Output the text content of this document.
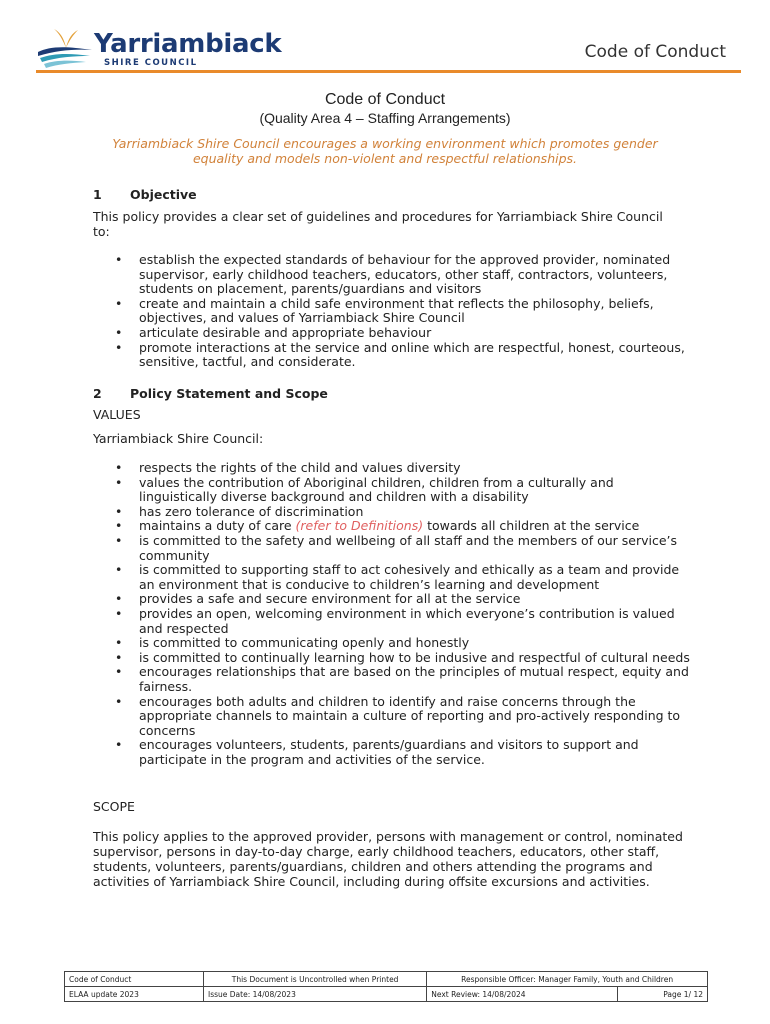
Yarriambiack
SHIRE COUNCIL
Code of Conduct
Code of Conduct
(Quality Area 4 – Staffing Arrangements)
Yarriambiack Shire Council encourages a working environment which promotes gender equality and models non-violent and respectful relationships.
1 Objective
This policy provides a clear set of guidelines and procedures for Yarriambiack Shire Council to:
• establish the expected standards of behaviour for the approved provider, nominated supervisor, early childhood teachers, educators, other staff, contractors, volunteers, students on placement, parents/guardians and visitors
• create and maintain a child safe environment that reflects the philosophy, beliefs, objectives, and values of Yarriambiack Shire Council
• articulate desirable and appropriate behaviour
• promote interactions at the service and online which are respectful, honest, courteous, sensitive, tactful, and considerate.
2 Policy Statement and Scope
VALUES
Yarriambiack Shire Council:
• respects the rights of the child and values diversity
• values the contribution of Aboriginal children, children from a culturally and linguistically diverse background and children with a disability
• has zero tolerance of discrimination
• maintains a duty of care (refer to Definitions) towards all children at the service
• is committed to the safety and wellbeing of all staff and the members of our service’s community
• is committed to supporting staff to act cohesively and ethically as a team and provide an environment that is conducive to children’s learning and development
• provides a safe and secure environment for all at the service
• provides an open, welcoming environment in which everyone’s contribution is valued and respected
• is committed to communicating openly and honestly
• is committed to continually learning how to be indusive and respectful of cultural needs
• encourages relationships that are based on the principles of mutual respect, equity and fairness.
• encourages both adults and children to identify and raise concerns through the appropriate channels to maintain a culture of reporting and pro-actively responding to concerns
• encourages volunteers, students, parents/guardians and visitors to support and participate in the program and activities of the service.
SCOPE
This policy applies to the approved provider, persons with management or control, nominated supervisor, persons in day-to-day charge, early childhood teachers, educators, other staff, students, volunteers, parents/guardians, children and others attending the programs and activities of Yarriambiack Shire Council, including during offsite excursions and activities.
Code of Conduct	This Document is Uncontrolled when Printed	Responsible Officer: Manager Family, Youth and Children	
ELAA update 2023	Issue Date: 14/08/2023	Next Review: 14/08/2024	Page 1/ 12
